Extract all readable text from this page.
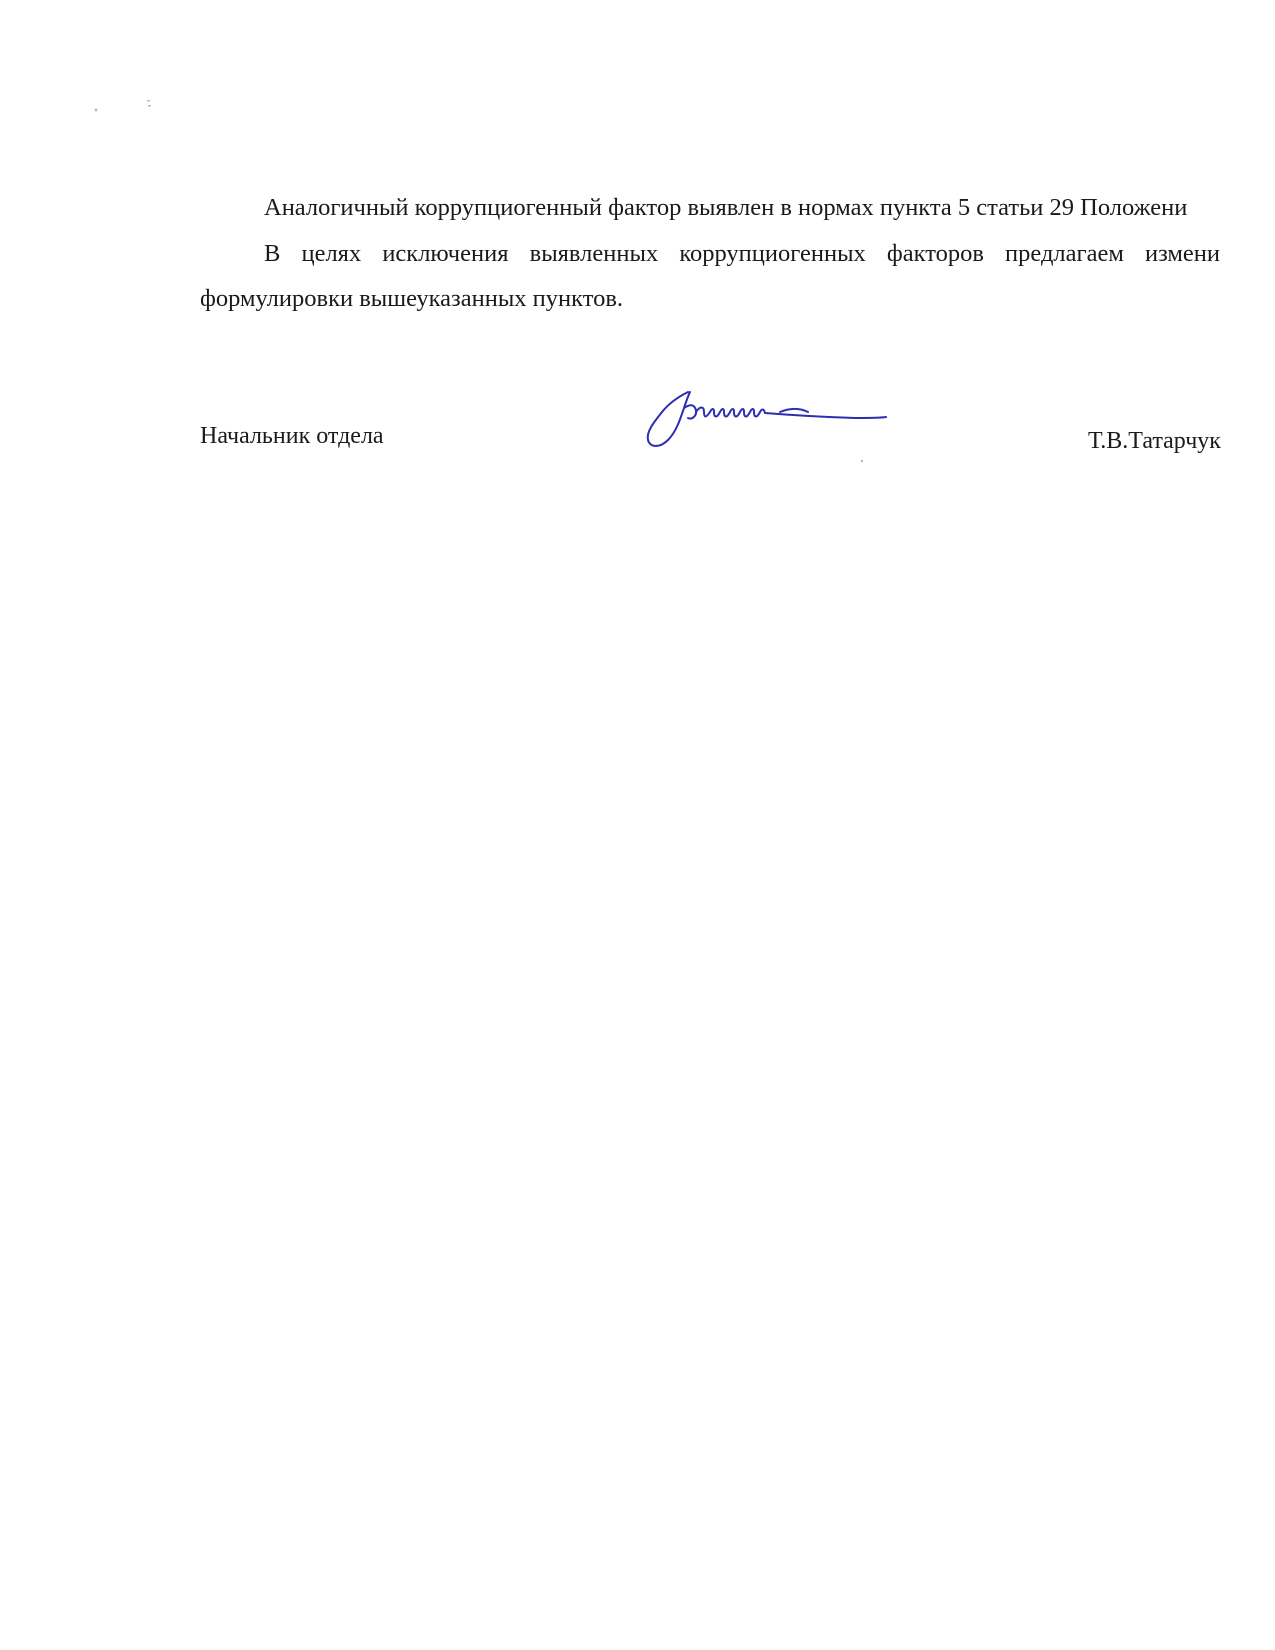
Аналогичный коррупциогенный фактор выявлен в нормах пункта 5 статьи 29 Положени

В целях исключения выявленных коррупциогенных факторов предлагаем измени

формулировки вышеуказанных пунктов.

Начальник отдела	Т.В.Татарчук
